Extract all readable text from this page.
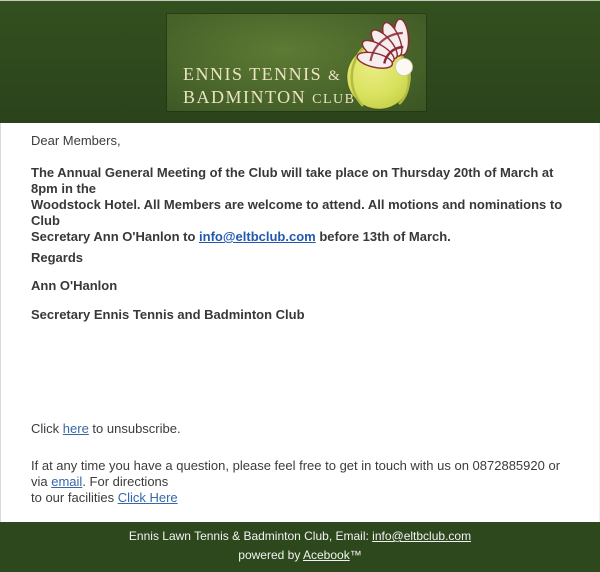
ENNIS TENNIS &
BADMINTON CLUB

Dear Members,

The Annual General Meeting of the Club will take place on Thursday 20th of March at 8pm in the
Woodstock Hotel. All Members are welcome to attend. All motions and nominations to Club
Secretary Ann O'Hanlon to info@eltbclub.com before 13th of March.

Regards

Ann O'Hanlon

Secretary Ennis Tennis and Badminton Club

Click here to unsubscribe.

If at any time you have a question, please feel free to get in touch with us on 0872885920 or via email. For directions
to our facilities Click Here

Ennis Lawn Tennis & Badminton Club, Email: info@eltbclub.com
powered by Acebook™
